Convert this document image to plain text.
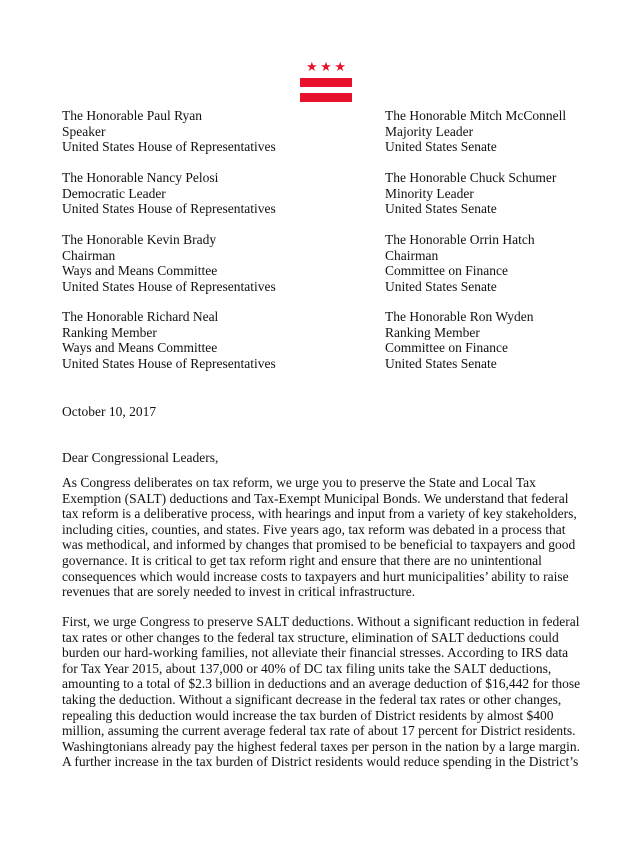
★ ★ ★
The Honorable Paul Ryan
Speaker
United States House of Representatives
The Honorable Nancy Pelosi
Democratic Leader
United States House of Representatives
The Honorable Kevin Brady
Chairman
Ways and Means Committee
United States House of Representatives
The Honorable Richard Neal
Ranking Member
Ways and Means Committee
United States House of Representatives
The Honorable Mitch McConnell
Majority Leader
United States Senate
The Honorable Chuck Schumer
Minority Leader
United States Senate
The Honorable Orrin Hatch
Chairman
Committee on Finance
United States Senate
The Honorable Ron Wyden
Ranking Member
Committee on Finance
United States Senate
October 10, 2017
Dear Congressional Leaders,
As Congress deliberates on tax reform, we urge you to preserve the State and Local Tax
Exemption (SALT) deductions and Tax-Exempt Municipal Bonds. We understand that federal
tax reform is a deliberative process, with hearings and input from a variety of key stakeholders,
including cities, counties, and states. Five years ago, tax reform was debated in a process that
was methodical, and informed by changes that promised to be beneficial to taxpayers and good
governance. It is critical to get tax reform right and ensure that there are no unintentional
consequences which would increase costs to taxpayers and hurt municipalities’ ability to raise
revenues that are sorely needed to invest in critical infrastructure.
First, we urge Congress to preserve SALT deductions. Without a significant reduction in federal
tax rates or other changes to the federal tax structure, elimination of SALT deductions could
burden our hard-working families, not alleviate their financial stresses. According to IRS data
for Tax Year 2015, about 137,000 or 40% of DC tax filing units take the SALT deductions,
amounting to a total of $2.3 billion in deductions and an average deduction of $16,442 for those
taking the deduction. Without a significant decrease in the federal tax rates or other changes,
repealing this deduction would increase the tax burden of District residents by almost $400
million, assuming the current average federal tax rate of about 17 percent for District residents.
Washingtonians already pay the highest federal taxes per person in the nation by a large margin.
A further increase in the tax burden of District residents would reduce spending in the District’s
